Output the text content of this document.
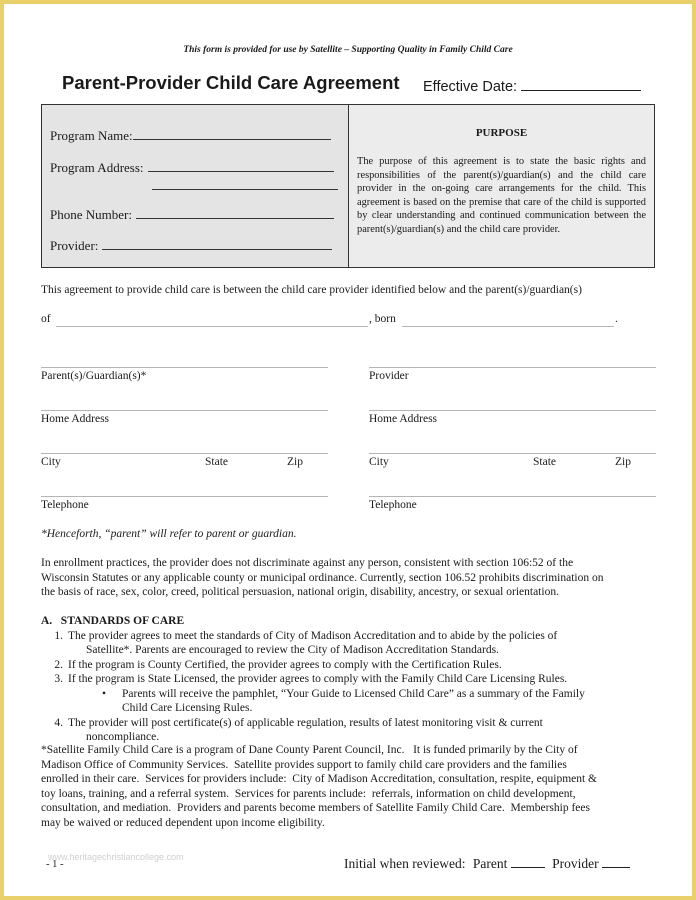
This form is provided for use by Satellite – Supporting Quality in Family Child Care
Parent-Provider Child Care Agreement Effective Date:
Program Name:
Program Address:
Phone Number:
Provider:
PURPOSE
The purpose of this agreement is to state the basic rights and responsibilities of the parent(s)/guardian(s) and the child care provider in the on-going care arrangements for the child. This agreement is based on the premise that care of the child is supported by clear understanding and continued communication between the parent(s)/guardian(s) and the child care provider.
This agreement to provide child care is between the child care provider identified below and the parent(s)/guardian(s)
of	, born	.
Parent(s)/Guardian(s)*	Provider
Home Address	Home Address
City	State	Zip	City	State	Zip
Telephone	Telephone
*Henceforth, “parent” will refer to parent or guardian.
In enrollment practices, the provider does not discriminate against any person, consistent with section 106:52 of the
Wisconsin Statutes or any applicable county or municipal ordinance. Currently, section 106.52 prohibits discrimination on
the basis of race, sex, color, creed, political persuasion, national origin, disability, ancestry, or sexual orientation.
A.   STANDARDS OF CARE
1. The provider agrees to meet the standards of City of Madison Accreditation and to abide by the policies of
Satellite*. Parents are encouraged to review the City of Madison Accreditation Standards.
2. If the program is County Certified, the provider agrees to comply with the Certification Rules.
3. If the program is State Licensed, the provider agrees to comply with the Family Child Care Licensing Rules.
• Parents will receive the pamphlet, “Your Guide to Licensed Child Care” as a summary of the Family
Child Care Licensing Rules.
4. The provider will post certificate(s) of applicable regulation, results of latest monitoring visit & current
noncompliance.
*Satellite Family Child Care is a program of Dane County Parent Council, Inc.   It is funded primarily by the City of
Madison Office of Community Services.  Satellite provides support to family child care providers and the families
enrolled in their care.  Services for providers include:  City of Madison Accreditation, consultation, respite, equipment &
toy loans, training, and a referral system.  Services for parents include:  referrals, information on child development,
consultation, and mediation.  Providers and parents become members of Satellite Family Child Care.  Membership fees
may be waived or reduced dependent upon income eligibility.
www.heritagechristiancollege.com
- 1 -	Initial when reviewed: Parent	Provider
